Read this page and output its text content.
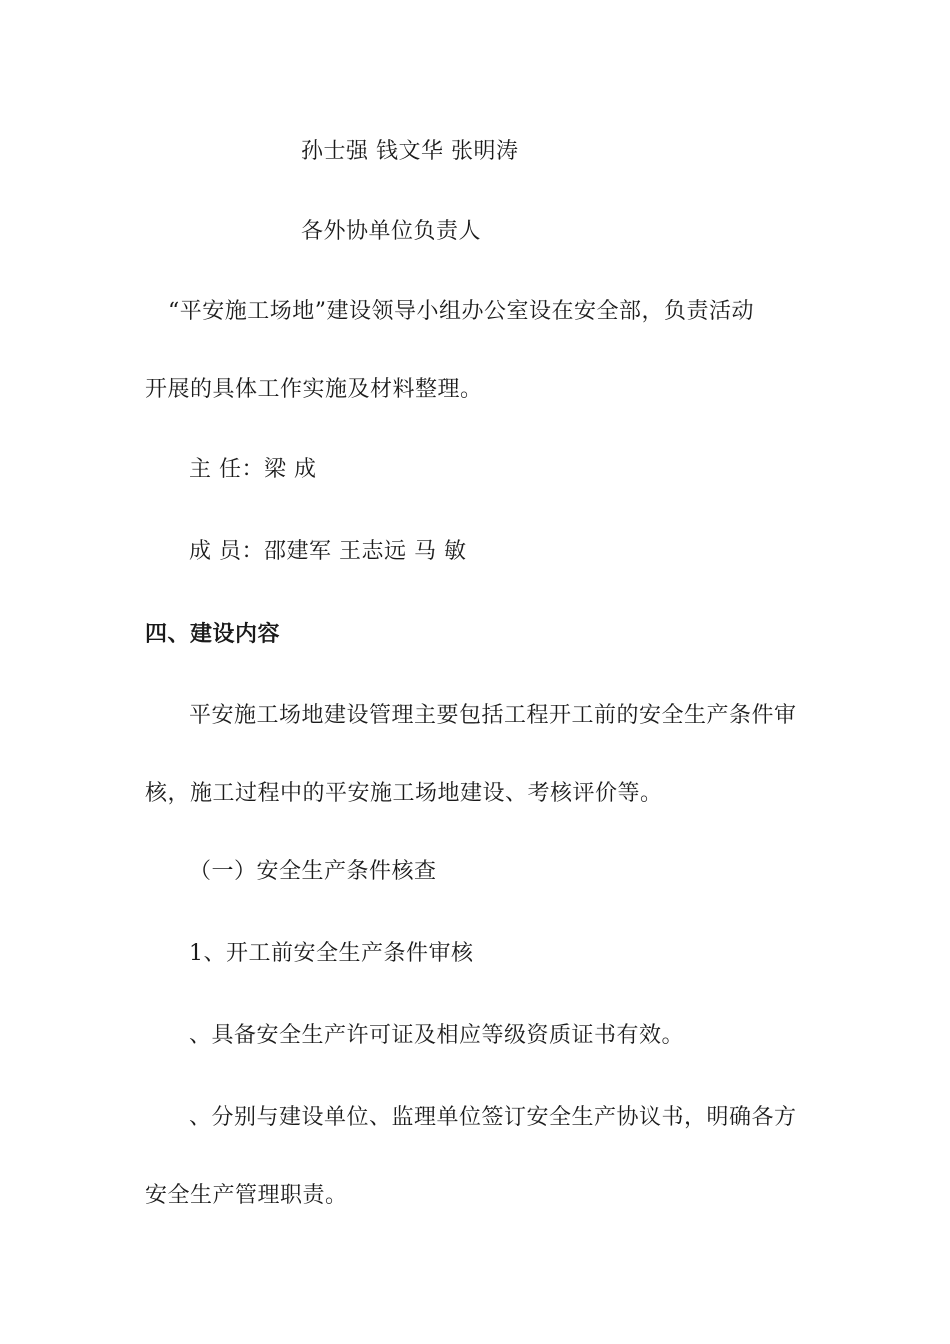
孙士强 钱文华 张明涛
各外协单位负责人
“平安施工场地”建设领导小组办公室设在安全部，负责活动
开展的具体工作实施及材料整理。
主 任：梁 成
成 员：邵建军 王志远 马 敏
四、建设内容
平安施工场地建设管理主要包括工程开工前的安全生产条件审
核，施工过程中的平安施工场地建设、考核评价等。
（一）安全生产条件核查
1、开工前安全生产条件审核
、具备安全生产许可证及相应等级资质证书有效。
、分别与建设单位、监理单位签订安全生产协议书，明确各方
安全生产管理职责。
